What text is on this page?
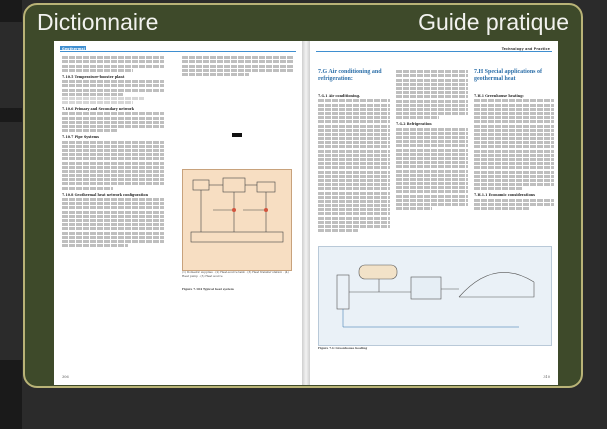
Dictionnaire	Guide pratique
Geothermal energy
7.10.5 Temperature-booster plant
7.10.6 Primary and Secondary network
7.10.7 Pipe Systems
7.10.8 Geothermal heat network configuration
(1) Domestic supplies · (2) Heat-source tank · (3) Heat transfer station · (4) Heat pump · (5) Heat source
Figure 7.104 Typical heat system
306
Technology and Practice
7.G Air conditioning and refrigeration:
7.G.1 Air conditioning.
7.G.2 Refrigeration
7.H Special applications of geothermal heat
7.H.1 Greenhouse heating:
7.H.1.1 Economic considerations
Figure 7.G Greenhouse heating
310
